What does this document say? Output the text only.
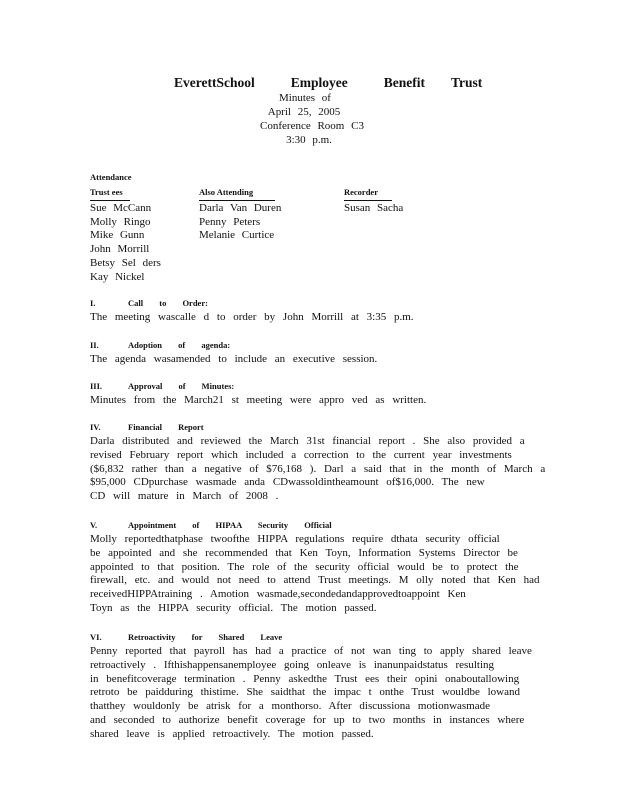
EverettSchool	Employee	Benefit Trust
Minutes of
April 25, 2005
Conference Room C3
3:30 p.m.
Attendance
Trust ees
Sue McCann
Molly Ringo
Mike Gunn
John Morrill
Betsy Sel ders
Kay Nickel
Also Attending
Darla Van Duren
Penny Peters
Melanie Curtice
Recorder
Susan Sacha
I.	Call to Order:
The meeting wascalle d to order by John Morrill at 3:35 p.m.
II.	Adoption of agenda:
The agenda wasamended to include an executive session.
III.	Approval of Minutes:
Minutes from the March21 st meeting were appro ved as written.
IV.	Financial Report
Darla distributed and reviewed the March 31st financial report . She also provided a
revised February report which included a correction to the current year investments
($6,832 rather than a negative of $76,168 ). Darl a said that in the month of March a
$95,000 CDpurchase wasmade anda CDwassoldintheamount of$16,000. The new
CD will mature in March of 2008 .
V.	Appointment of HIPAA Security Official
Molly reportedthatphase twoofthe HIPPA regulations require dthata security official
be appointed and she recommended that Ken Toyn, Information Systems Director be
appointed to that position. The role of the security official would be to protect the
firewall, etc. and would not need to attend Trust meetings. M olly noted that Ken had
receivedHIPPAtraining . Amotion wasmade,secondedandapprovedtoappoint Ken
Toyn as the HIPPA security official. The motion passed.
VI.	Retroactivity for Shared Leave
Penny reported that payroll has had a practice of not wan ting to apply shared leave
retroactively . Ifthishappensanemployee going onleave is inanunpaidstatus resulting
in benefitcoverage termination . Penny askedthe Trust ees their opini onaboutallowing
retroto be paidduring thistime. She saidthat the impac t onthe Trust wouldbe lowand
thatthey wouldonly be atrisk for a monthorso. After discussiona motionwasmade
and seconded to authorize benefit coverage for up to two months in instances where
shared leave is applied retroactively. The motion passed.
